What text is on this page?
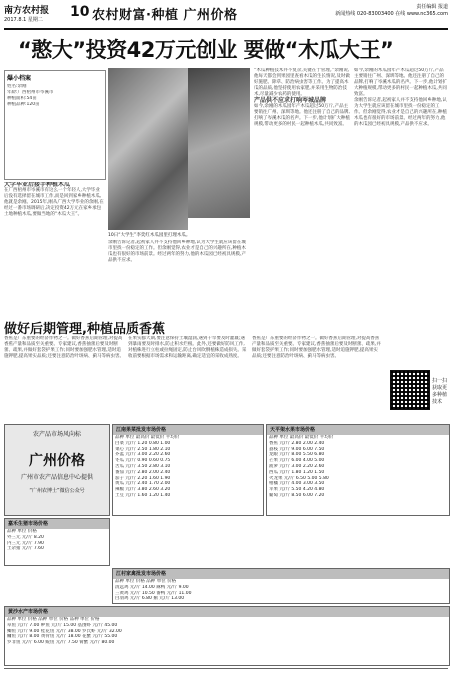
南方农村报
2017.8.1 星期二 10 农村财富·种植 广州价格
责任编辑 报道
新闻热线 020-83003400 在线 www.nc365.com
“憨大”投资42万元创业 要做“木瓜大王”
爆小档案
姓名:余刚
年龄:广西梧州市岑溪市
种植面积:54亩
种植品种:120亩
10日“大学生”李奕红木瓜园里打理木瓜。
大学毕业后接手种植木瓜
在广西梧州市岑溪市有这么一个年轻人,大学毕业后没有选择留在城市工作,而是回到家乡种植木瓜,他就是余刚。2015年,刚从广西大学毕业的余刚,在经过一番市场调研后,决定投资42万元在家乡承包土地种植木瓜,要做当地的“木瓜大王”。
余刚告诉记者,起初家人并不支持他回乡种地,认为大学生就应该留在城市里找一份稳定的工作。但余刚觉得,农业才是自己的兴趣所在,种植木瓜也有很好的市场前景。经过两年的努力,他的木瓜园已经初具规模,产品供不应求。
“木瓜种植技术并不复杂,关键在于管理。”余刚说,他每天都会到果园里查看木瓜的生长情况,及时做好施肥、除草、防治病虫害等工作。为了提高木瓜的品质,他坚持使用农家肥,并采用生物防治技术,尽量减少农药的使用。
产品供不应求打响岑城品牌
如今,余刚的木瓜园年产木瓜超过50万斤,产品主要销往广州、深圳等地。他还注册了自己的品牌,打响了岑溪木瓜的名声。下一步,他计划扩大种植规模,带动更多的村民一起种植木瓜,共同致富。
如今,余刚的木瓜园年产木瓜超过50万斤,产品主要销往广州、深圳等地。他还注册了自己的品牌,打响了岑溪木瓜的名声。下一步,他计划扩大种植规模,带动更多的村民一起种植木瓜,共同致富。
余刚告诉记者,起初家人并不支持他回乡种地,认为大学生就应该留在城市里找一份稳定的工作。但余刚觉得,农业才是自己的兴趣所在,种植木瓜也有很好的市场前景。经过两年的努力,他的木瓜园已经初具规模,产品供不应求。
做好后期管理,种植品质香蕉
香蕉是广东重要的经济作物之一。做好香蕉后期管理,对提高香蕉产量和品质至关重要。专家建议,香蕉抽蕾后要及时断蕾、疏果,并做好套袋护果工作;同时要加强肥水管理,适时追施钾肥,提高果实品质;还要注意防治叶斑病、蓟马等病虫害。
在果实膨大期,要注意保持土壤湿润,遇到干旱要及时灌溉;遇到暴雨要及时排水,防止积水烂根。此外,还要做好防风工作,对植株进行立柱或拉绳固定,防止台风吹倒植株造成损失。采收前要根据市场需求和运输距离,确定适宜的采收成熟度。
香蕉是广东重要的经济作物之一。做好香蕉后期管理,对提高香蕉产量和品质至关重要。专家建议,香蕉抽蕾后要及时断蕾、疏果,并做好套袋护果工作;同时要加强肥水管理,适时追施钾肥,提高果实品质;还要注意防治叶斑病、蓟马等病虫害。
扫一扫 获取更多种植技术
农产品市场风向标
广州价格
广州市农产品信息中心提供
“广州农博士”微信公众号
江南果菜批发市场价格
品种 单位 最高价 最低价 平均价
白菜 元/斤 1.20 0.80 1.00
菜心 元/斤 2.50 1.80 2.10
芥蓝 元/斤 3.00 2.20 2.60
冬瓜 元/斤 0.90 0.60 0.75
苦瓜 元/斤 3.50 2.80 3.10
番茄 元/斤 2.80 2.00 2.40
茄子 元/斤 2.20 1.60 1.90
黄瓜 元/斤 2.40 1.70 2.00
辣椒 元/斤 3.80 2.60 3.20
土豆 元/斤 1.60 1.20 1.40
天平架水果市场价格
品种 单位 最高价 最低价 平均价
香蕉 元/斤 2.80 2.00 2.40
荔枝 元/斤 9.00 6.00 7.50
龙眼 元/斤 8.00 5.50 6.80
芒果 元/斤 6.00 4.00 5.00
菠萝 元/斤 3.00 2.20 2.60
西瓜 元/斤 1.80 1.20 1.50
火龙果 元/斤 6.50 5.00 5.80
柑橘 元/斤 4.00 3.00 3.50
苹果 元/斤 5.50 4.20 4.80
葡萄 元/斤 8.50 6.00 7.20
嘉禾生猪市场价格
品种 单位 价格
外三元 元/斤 8.20
内三元 元/斤 7.90
土杂猪 元/斤 7.60
江村家禽批发市场价格
品种 单位 价格 品种 单位 价格
清远鸡 元/斤 14.00 麻鸭 元/斤 9.00
三黄鸡 元/斤 10.50 番鸭 元/斤 11.00
白羽鸡 元/斤 6.80 鹅 元/斤 13.00
黄沙水产市场价格
品种 单位 价格 品种 单位 价格 品种 单位 价格
草鱼 元/斤 7.00 鲈鱼 元/斤 15.00 基围虾 元/斤 45.00
鲫鱼 元/斤 9.00 桂花鱼 元/斤 38.00 罗氏虾 元/斤 32.00
鳙鱼 元/斤 8.00 黄骨鱼 元/斤 18.00 花蟹 元/斤 55.00
罗非鱼 元/斤 6.00 鲩鱼 元/斤 7.50 膏蟹 元/斤 80.00
